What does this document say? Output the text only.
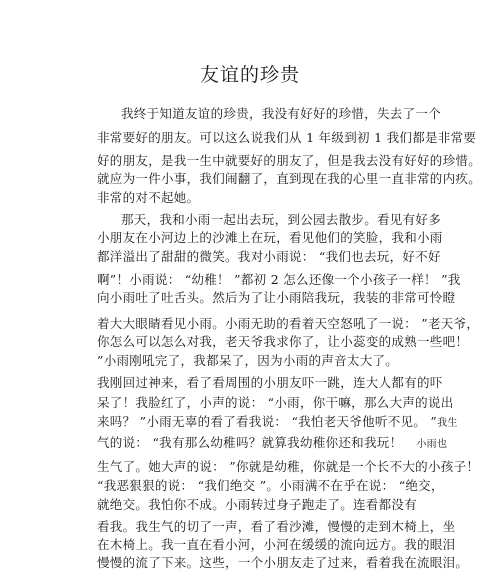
友谊的珍贵
我终于知道友谊的珍贵，我没有好好的珍惜，失去了一个
非常要好的朋友。可以这么说我们从 1 年级到初 1 我们都是非常要
好的朋友，是我一生中就要好的朋友了，但是我去没有好好的珍惜。
就应为一件小事，我们闹翻了，直到现在我的心里一直非常的内疚。
非常的对不起她。
那天，我和小雨一起出去玩，到公园去散步。看见有好多
小朋友在小河边上的沙滩上在玩，看见他们的笑脸，我和小雨
都洋溢出了甜甜的微笑。我对小雨说： “我们也去玩，好不好
啊”！小雨说： “幼稚！ ”都初 2 怎么还像一个小孩子一样！ ”我
向小雨吐了吐舌头。然后为了让小雨陪我玩，我装的非常可怜瞪
着大大眼睛看见小雨。小雨无助的看着天空怒吼了一说： ”老天爷，
你怎么可以怎么对我，老天爷我求你了，让小蕊变的成熟一些吧！
”小雨刚吼完了，我都呆了，因为小雨的声音太大了。
我刚回过神来，看了看周围的小朋友吓一跳，连大人都有的吓
呆了！我脸红了，小声的说： “小雨，你干嘛，那么大声的说出
来吗？ ”小雨无辜的看了看我说： “我怕老天爷他听不见。 ”我生
气的说： “我有那么幼稚吗？就算我幼稚你还和我玩！ 小雨也
生气了。她大声的说： ”你就是幼稚，你就是一个长不大的小孩子！
“我恶狠狠的说： “我们绝交 ”。小雨满不在乎在说： “绝交，
就绝交。我怕你不成。小雨转过身子跑走了。连看都没有
看我。我生气的切了一声，看了看沙滩，慢慢的走到木椅上，坐
在木椅上。我一直在看小河，小河在缓缓的流向远方。我的眼泪
慢慢的流了下来。这些，一个小朋友走了过来，看着我在流眼泪。
